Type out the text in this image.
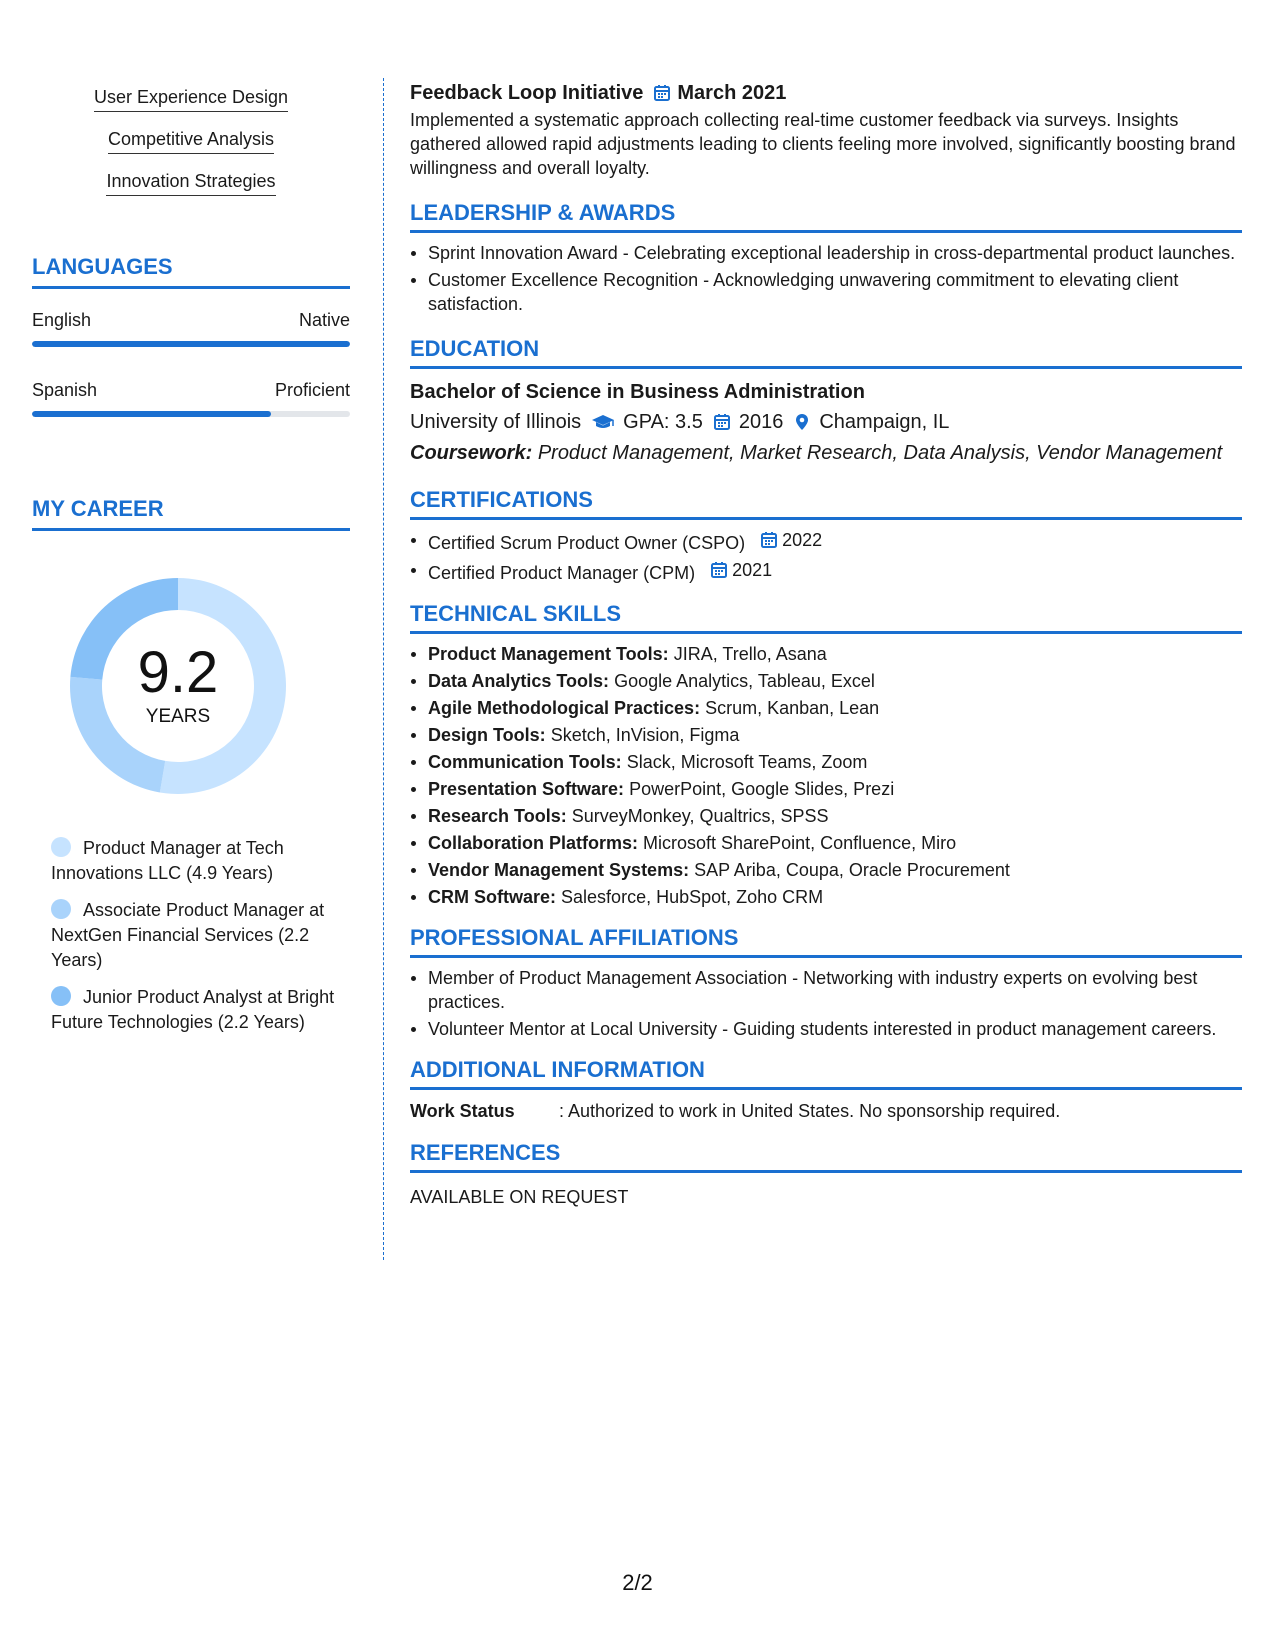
User Experience Design
Competitive Analysis
Innovation Strategies
LANGUAGES
English	Native
Spanish	Proficient
MY CAREER
9.2
YEARS
Product Manager at Tech Innovations LLC (4.9 Years)
Associate Product Manager at NextGen Financial Services (2.2 Years)
Junior Product Analyst at Bright Future Technologies (2.2 Years)
Feedback Loop Initiative March 2021
Implemented a systematic approach collecting real-time customer feedback via surveys. Insights gathered allowed rapid adjustments leading to clients feeling more involved, significantly boosting brand willingness and overall loyalty.
LEADERSHIP & AWARDS
Sprint Innovation Award - Celebrating exceptional leadership in cross-departmental product launches.
Customer Excellence Recognition - Acknowledging unwavering commitment to elevating client satisfaction.
EDUCATION
Bachelor of Science in Business Administration
University of Illinois GPA: 3.5 2016 Champaign, IL
Coursework: Product Management, Market Research, Data Analysis, Vendor Management
CERTIFICATIONS
Certified Scrum Product Owner (CSPO) 2022
Certified Product Manager (CPM) 2021
TECHNICAL SKILLS
Product Management Tools: JIRA, Trello, Asana
Data Analytics Tools: Google Analytics, Tableau, Excel
Agile Methodological Practices: Scrum, Kanban, Lean
Design Tools: Sketch, InVision, Figma
Communication Tools: Slack, Microsoft Teams, Zoom
Presentation Software: PowerPoint, Google Slides, Prezi
Research Tools: SurveyMonkey, Qualtrics, SPSS
Collaboration Platforms: Microsoft SharePoint, Confluence, Miro
Vendor Management Systems: SAP Ariba, Coupa, Oracle Procurement
CRM Software: Salesforce, HubSpot, Zoho CRM
PROFESSIONAL AFFILIATIONS
Member of Product Management Association - Networking with industry experts on evolving best practices.
Volunteer Mentor at Local University - Guiding students interested in product management careers.
ADDITIONAL INFORMATION
Work Status	: Authorized to work in United States. No sponsorship required.
REFERENCES
AVAILABLE ON REQUEST
2/2
